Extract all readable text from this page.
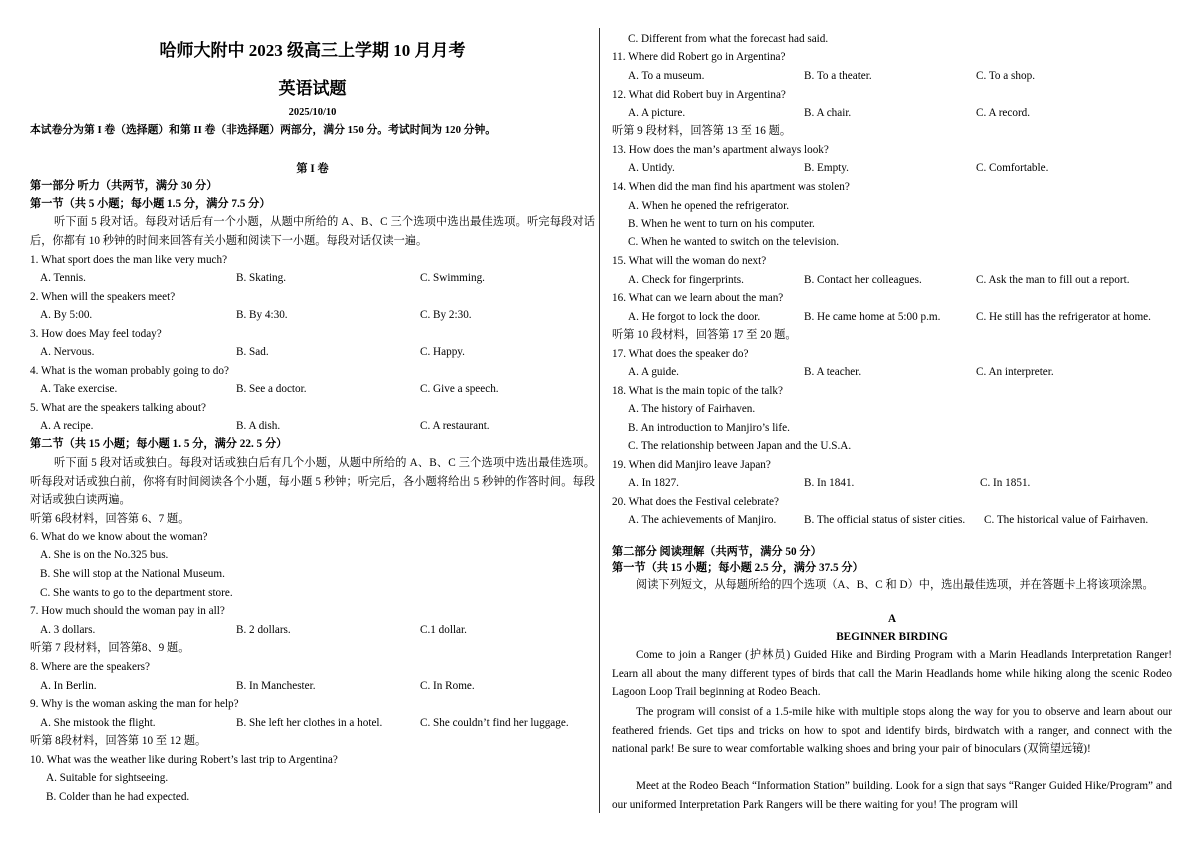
哈师大附中 2023 级高三上学期 10 月月考
英语试题
2025/10/10
本试卷分为第 I 卷（选择题）和第 II 卷（非选择题）两部分，满分 150 分。考试时间为 120 分钟。
第 I 卷
第一部分 听力（共两节，满分 30 分）
第一节（共 5 小题；每小题 1.5 分，满分 7.5 分）
听下面 5 段对话。每段对话后有一个小题，从题中所给的 A、B、C 三个选项中选出最佳选项。听完每段对话后，你都有 10 秒钟的时间来回答有关小题和阅读下一小题。每段对话仅读一遍。
1. What sport does the man like very much?
A. Tennis.	B. Skating.	C. Swimming.
2. When will the speakers meet?
A. By 5:00.	B. By 4:30.	C. By 2:30.
3. How does May feel today?
A. Nervous.	B. Sad.	C. Happy.
4. What is the woman probably going to do?
A. Take exercise.	B. See a doctor.	C. Give a speech.
5. What are the speakers talking about?
A. A recipe.	B. A dish.	C. A restaurant.
第二节（共 15 小题；每小题 1. 5 分，满分 22. 5 分）
听下面 5 段对话或独白。每段对话或独白后有几个小题，从题中所给的 A、B、C 三个选项中选出最佳选项。听每段对话或独白前，你将有时间阅读各个小题，每小题 5 秒钟；听完后，各小题将给出 5 秒钟的作答时间。每段对话或独白读两遍。
听第 6段材料，回答第 6、7 题。
6. What do we know about the woman?
A. She is on the No.325 bus.
B. She will stop at the National Museum.
C. She wants to go to the department store.
7. How much should the woman pay in all?
A. 3 dollars.	B. 2 dollars.	C.1 dollar.
听第 7 段材料，回答第8、9 题。
8. Where are the speakers?
A. In Berlin.	B. In Manchester.	C. In Rome.
9. Why is the woman asking the man for help?
A. She mistook the flight.	B. She left her clothes in a hotel.	C. She couldn’t find her luggage.
听第 8段材料，回答第 10 至 12 题。
10. What was the weather like during Robert’s last trip to Argentina?
A. Suitable for sightseeing.
B. Colder than he had expected.
C. Different from what the forecast had said.
11. Where did Robert go in Argentina?
A. To a museum.	B. To a theater.	C. To a shop.
12. What did Robert buy in Argentina?
A. A picture.	B. A chair.	C. A record.
听第 9 段材料，回答第 13 至 16 题。
13. How does the man’s apartment always look?
A. Untidy.	B. Empty.	C. Comfortable.
14. When did the man find his apartment was stolen?
A. When he opened the refrigerator.
B. When he went to turn on his computer.
C. When he wanted to switch on the television.
15. What will the woman do next?
A. Check for fingerprints.	B. Contact her colleagues.	C. Ask the man to fill out a report.
16. What can we learn about the man?
A. He forgot to lock the door.	B. He came home at 5:00 p.m.	C. He still has the refrigerator at home.
听第 10 段材料，回答第 17 至 20 题。
17. What does the speaker do?
A. A guide.	B. A teacher.	C. An interpreter.
18. What is the main topic of the talk?
A. The history of Fairhaven.
B. An introduction to Manjiro’s life.
C. The relationship between Japan and the U.S.A.
19. When did Manjiro leave Japan?
A. In 1827.	B. In 1841.	C. In 1851.
20. What does the Festival celebrate?
A. The achievements of Manjiro. B. The official status of sister cities. C. The historical value of Fairhaven.
第二部分 阅读理解（共两节，满分 50 分）
第一节（共 15 小题；每小题 2.5 分，满分 37.5 分）
阅读下列短文，从每题所给的四个选项（A、B、C 和 D）中，选出最佳选项，并在答题卡上将该项涂黑。
A
BEGINNER BIRDING
Come to join a Ranger (护林员) Guided Hike and Birding Program with a Marin Headlands Interpretation Ranger! Learn all about the many different types of birds that call the Marin Headlands home while hiking along the scenic Rodeo Lagoon Loop Trail beginning at Rodeo Beach.
The program will consist of a 1.5-mile hike with multiple stops along the way for you to observe and learn about our feathered friends. Get tips and tricks on how to spot and identify birds, birdwatch with a ranger, and connect with the national park! Be sure to wear comfortable walking shoes and bring your pair of binoculars (双筒望远镜)!
Meet at the Rodeo Beach “Information Station” building. Look for a sign that says “Ranger Guided Hike/Program” and our uniformed Interpretation Park Rangers will be there waiting for you! The program will
